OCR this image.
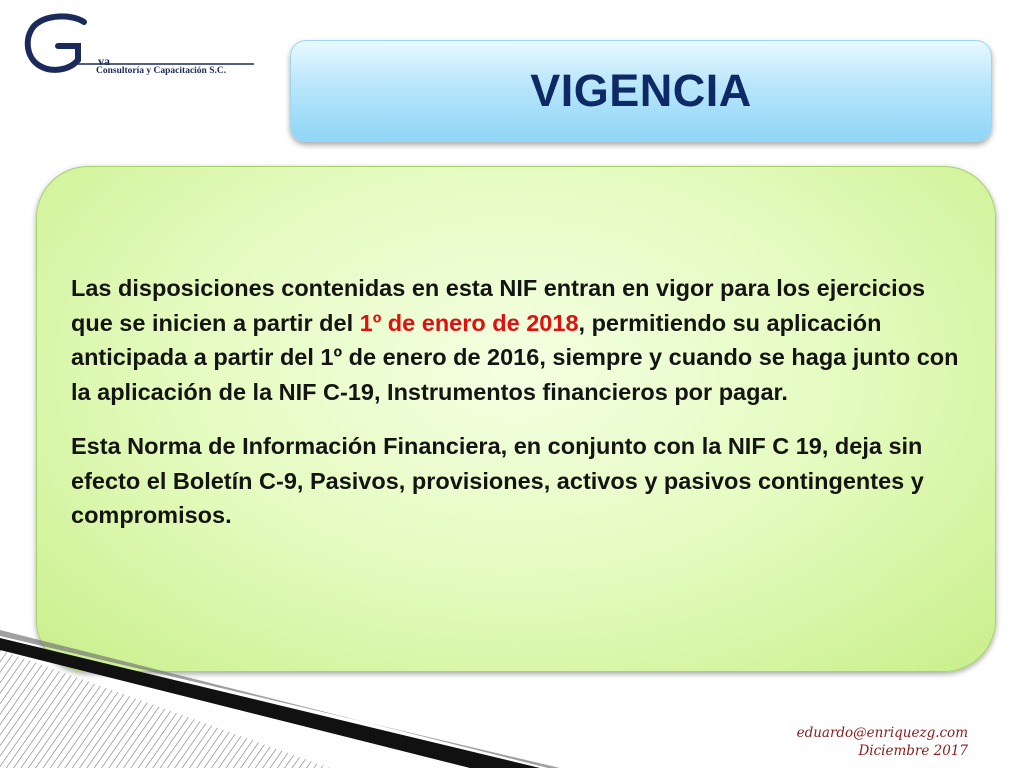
va
Consultoría y Capacitación S.C.	VIGENCIA

Las disposiciones contenidas en esta NIF entran en vigor para los ejercicios que se inicien a partir del 1º de enero de 2018, permitiendo su aplicación anticipada a partir del 1º de enero de 2016, siempre y cuando se haga junto con la aplicación de la NIF C-19, Instrumentos financieros por pagar.

Esta Norma de Información Financiera, en conjunto con la NIF C 19, deja sin efecto el Boletín C-9, Pasivos, provisiones, activos y pasivos contingentes y compromisos.

eduardo@enriquezg.com
Diciembre 2017
